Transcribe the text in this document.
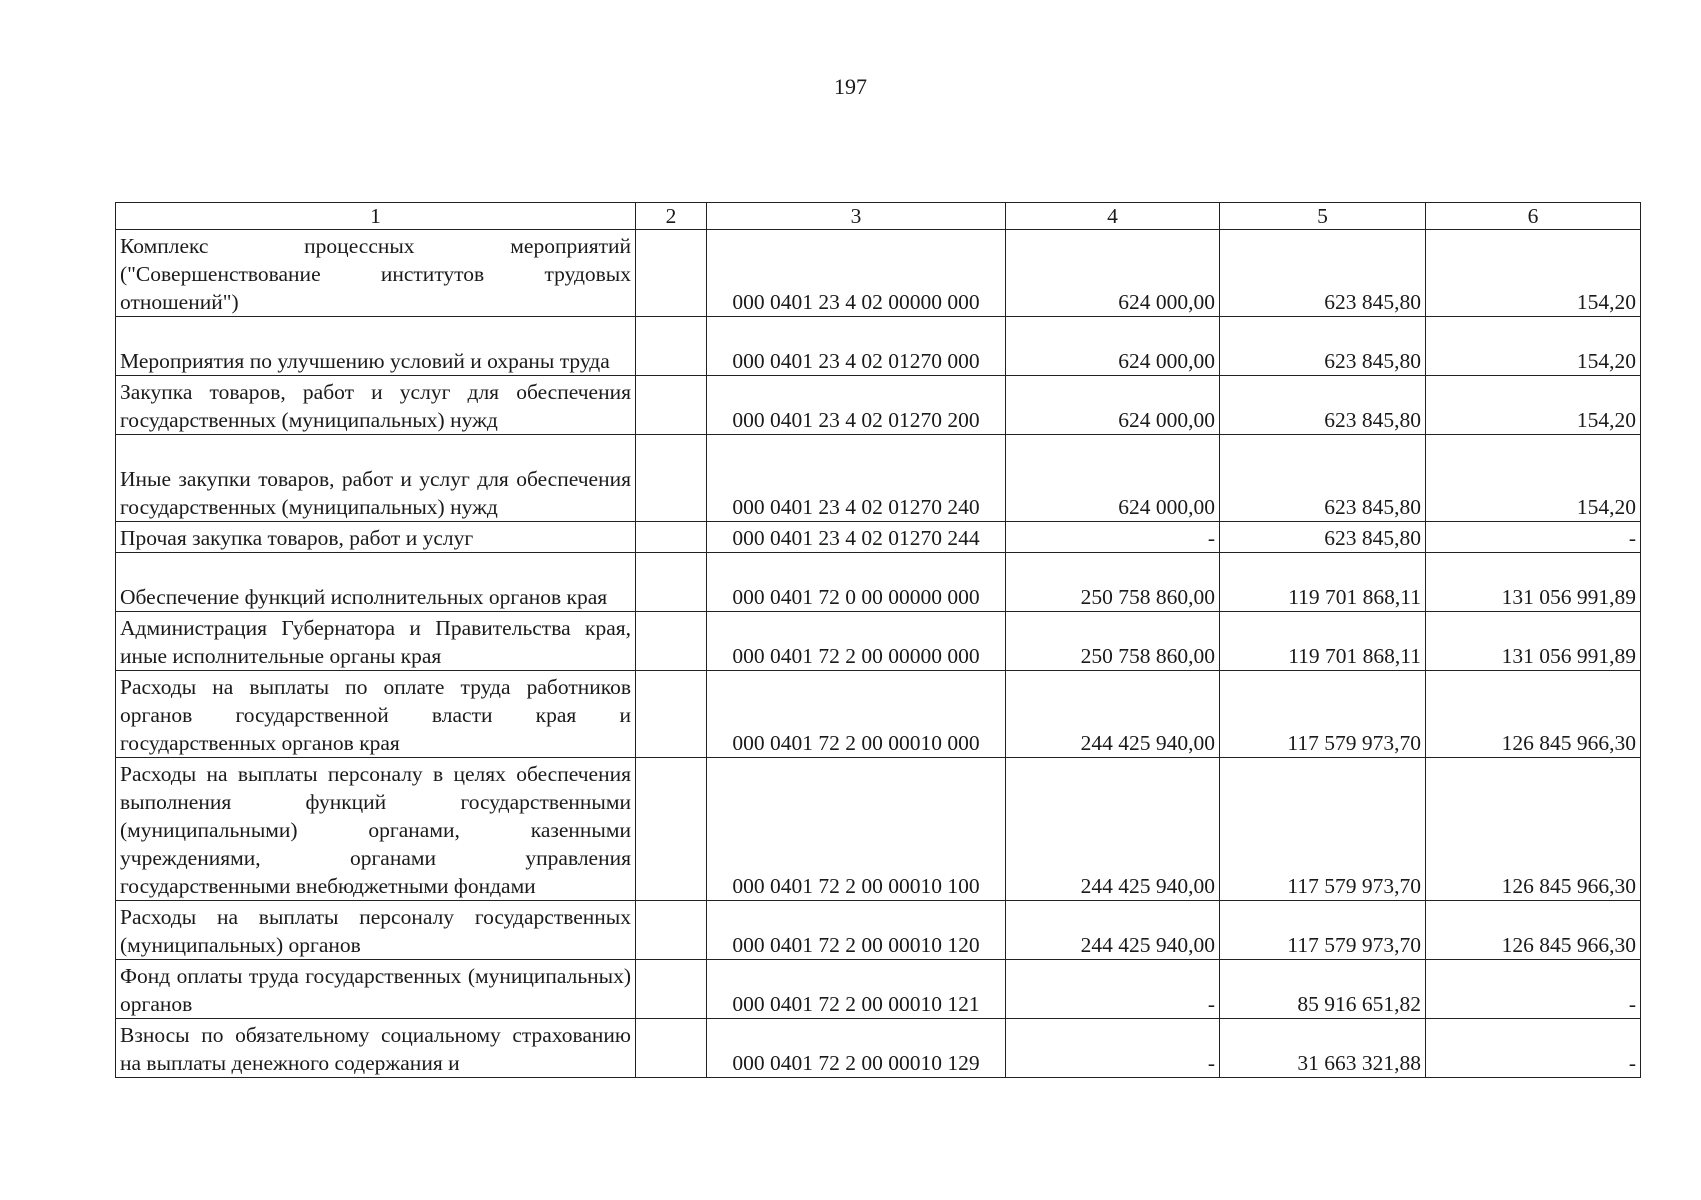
197
1	2	3	4	5	6
Комплекс процессных мероприятий ("Совершенствование институтов трудовых отношений")		000 0401 23 4 02 00000 000	624 000,00	623 845,80	154,20
Мероприятия по улучшению условий и охраны труда		000 0401 23 4 02 01270 000	624 000,00	623 845,80	154,20
Закупка товаров, работ и услуг для обеспечения государственных (муниципальных) нужд		000 0401 23 4 02 01270 200	624 000,00	623 845,80	154,20
Иные закупки товаров, работ и услуг для обеспечения государственных (муниципальных) нужд		000 0401 23 4 02 01270 240	624 000,00	623 845,80	154,20
Прочая закупка товаров, работ и услуг		000 0401 23 4 02 01270 244	-	623 845,80	-
Обеспечение функций исполнительных органов края		000 0401 72 0 00 00000 000	250 758 860,00	119 701 868,11	131 056 991,89
Администрация Губернатора и Правительства края, иные исполнительные органы края		000 0401 72 2 00 00000 000	250 758 860,00	119 701 868,11	131 056 991,89
Расходы на выплаты по оплате труда работников органов государственной власти края и государственных органов края		000 0401 72 2 00 00010 000	244 425 940,00	117 579 973,70	126 845 966,30
Расходы на выплаты персоналу в целях обеспечения выполнения функций государственными (муниципальными) органами, казенными учреждениями, органами управления государственными внебюджетными фондами		000 0401 72 2 00 00010 100	244 425 940,00	117 579 973,70	126 845 966,30
Расходы на выплаты персоналу государственных (муниципальных) органов		000 0401 72 2 00 00010 120	244 425 940,00	117 579 973,70	126 845 966,30
Фонд оплаты труда государственных (муниципальных) органов		000 0401 72 2 00 00010 121	-	85 916 651,82	-
Взносы по обязательному социальному страхованию на выплаты денежного содержания и		000 0401 72 2 00 00010 129	-	31 663 321,88	-
